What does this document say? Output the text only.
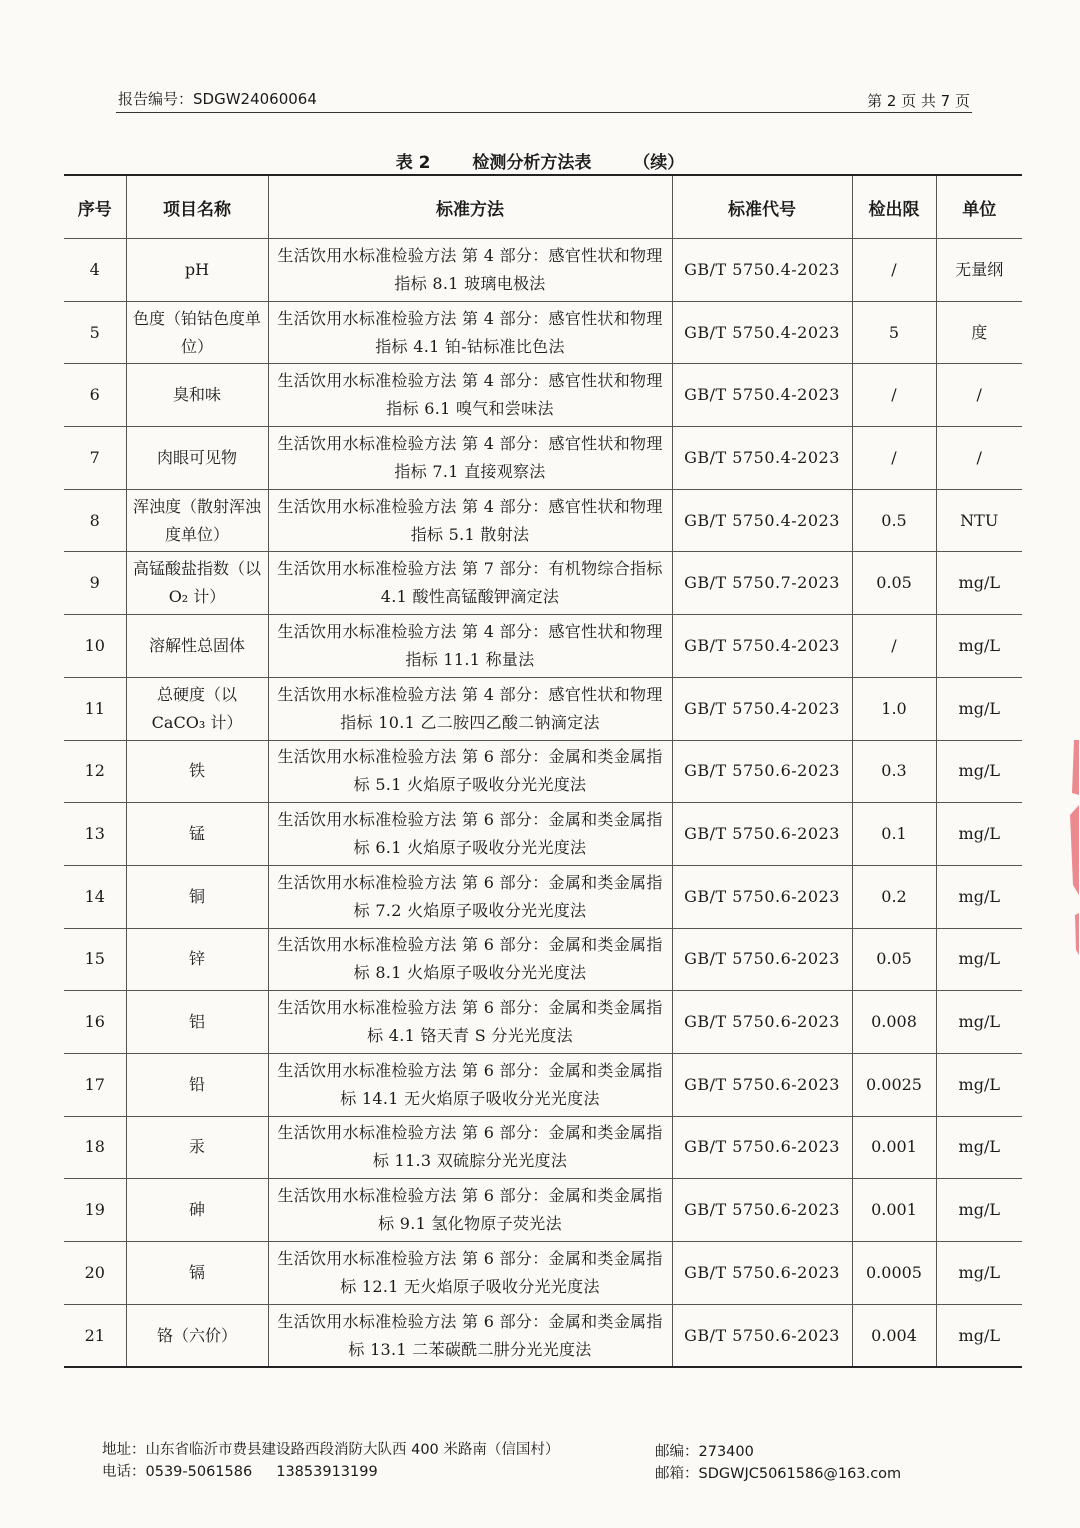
报告编号：SDGW24060064	第 2 页 共 7 页
表 2 检测分析方法表 （续）
序号	项目名称	标准方法	标准代号	检出限	单位
4	pH	生活饮用水标准检验方法 第 4 部分：感官性状和物理指标 8.1 玻璃电极法	GB/T 5750.4-2023	/	无量纲
5	色度（铂钴色度单位）	生活饮用水标准检验方法 第 4 部分：感官性状和物理指标 4.1 铂-钴标准比色法	GB/T 5750.4-2023	5	度
6	臭和味	生活饮用水标准检验方法 第 4 部分：感官性状和物理指标 6.1 嗅气和尝味法	GB/T 5750.4-2023	/	/
7	肉眼可见物	生活饮用水标准检验方法 第 4 部分：感官性状和物理指标 7.1 直接观察法	GB/T 5750.4-2023	/	/
8	浑浊度（散射浑浊度单位）	生活饮用水标准检验方法 第 4 部分：感官性状和物理指标 5.1 散射法	GB/T 5750.4-2023	0.5	NTU
9	高锰酸盐指数（以 O₂ 计）	生活饮用水标准检验方法 第 7 部分：有机物综合指标 4.1 酸性高锰酸钾滴定法	GB/T 5750.7-2023	0.05	mg/L
10	溶解性总固体	生活饮用水标准检验方法 第 4 部分：感官性状和物理指标 11.1 称量法	GB/T 5750.4-2023	/	mg/L
11	总硬度（以 CaCO₃ 计）	生活饮用水标准检验方法 第 4 部分：感官性状和物理指标 10.1 乙二胺四乙酸二钠滴定法	GB/T 5750.4-2023	1.0	mg/L
12	铁	生活饮用水标准检验方法 第 6 部分：金属和类金属指标 5.1 火焰原子吸收分光光度法	GB/T 5750.6-2023	0.3	mg/L
13	锰	生活饮用水标准检验方法 第 6 部分：金属和类金属指标 6.1 火焰原子吸收分光光度法	GB/T 5750.6-2023	0.1	mg/L
14	铜	生活饮用水标准检验方法 第 6 部分：金属和类金属指标 7.2 火焰原子吸收分光光度法	GB/T 5750.6-2023	0.2	mg/L
15	锌	生活饮用水标准检验方法 第 6 部分：金属和类金属指标 8.1 火焰原子吸收分光光度法	GB/T 5750.6-2023	0.05	mg/L
16	铝	生活饮用水标准检验方法 第 6 部分：金属和类金属指标 4.1 铬天青 S 分光光度法	GB/T 5750.6-2023	0.008	mg/L
17	铅	生活饮用水标准检验方法 第 6 部分：金属和类金属指标 14.1 无火焰原子吸收分光光度法	GB/T 5750.6-2023	0.0025	mg/L
18	汞	生活饮用水标准检验方法 第 6 部分：金属和类金属指标 11.3 双硫腙分光光度法	GB/T 5750.6-2023	0.001	mg/L
19	砷	生活饮用水标准检验方法 第 6 部分：金属和类金属指标 9.1 氢化物原子荧光法	GB/T 5750.6-2023	0.001	mg/L
20	镉	生活饮用水标准检验方法 第 6 部分：金属和类金属指标 12.1 无火焰原子吸收分光光度法	GB/T 5750.6-2023	0.0005	mg/L
21	铬（六价）	生活饮用水标准检验方法 第 6 部分：金属和类金属指标 13.1 二苯碳酰二肼分光光度法	GB/T 5750.6-2023	0.004	mg/L
地址：山东省临沂市费县建设路西段消防大队西 400 米路南（信国村）
电话：0539-5061586 13853913199
邮编：273400
邮箱：SDGWJC5061586@163.com
